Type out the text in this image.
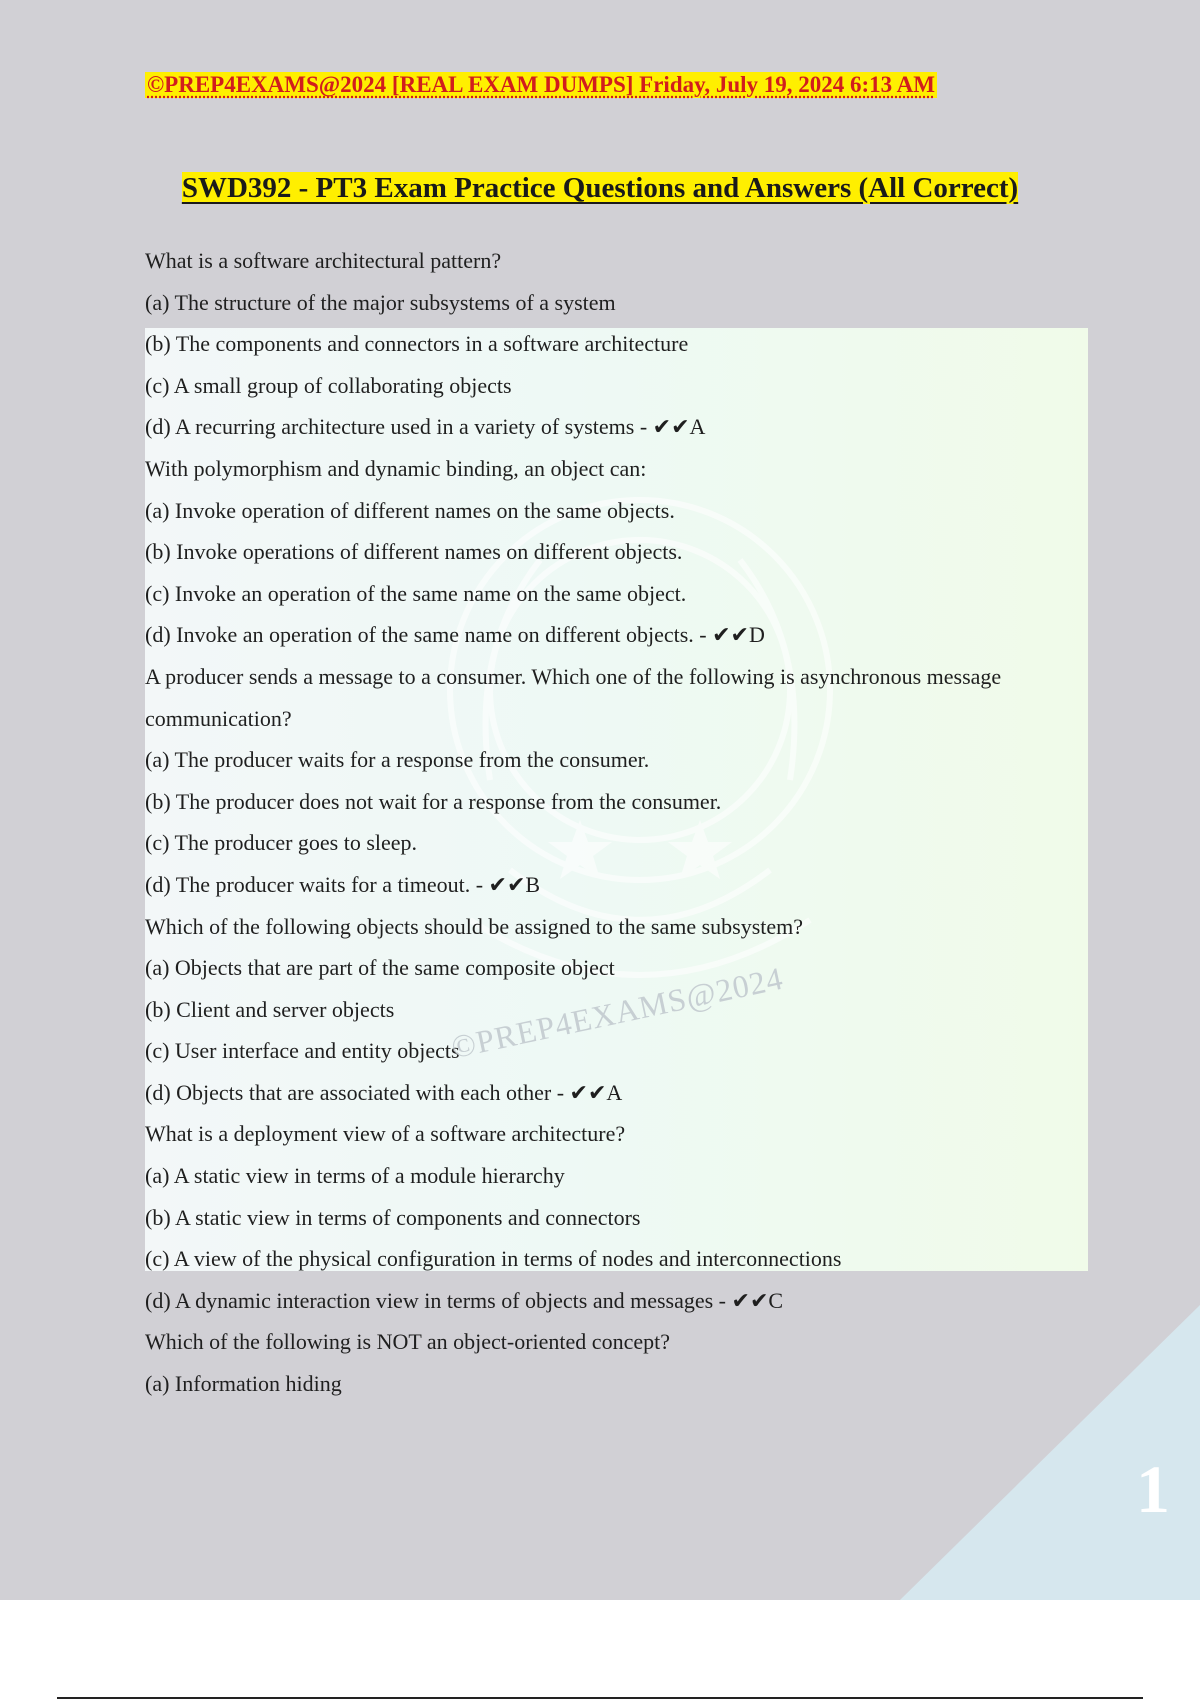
1

©PREP4EXAMS@2024 [REAL EXAM DUMPS] Friday, July 19, 2024 6:13 AM

SWD392 - PT3 Exam Practice Questions and Answers (All Correct)
What is a software architectural pattern?
(a) The structure of the major subsystems of a system
(b) The components and connectors in a software architecture
(c) A small group of collaborating objects
(d) A recurring architecture used in a variety of systems - ✔✔A
With polymorphism and dynamic binding, an object can:
(a) Invoke operation of different names on the same objects.
(b) Invoke operations of different names on different objects.
(c) Invoke an operation of the same name on the same object.
(d) Invoke an operation of the same name on different objects. - ✔✔D
A producer sends a message to a consumer. Which one of the following is asynchronous message
communication?
(a) The producer waits for a response from the consumer.
(b) The producer does not wait for a response from the consumer.
(c) The producer goes to sleep.
(d) The producer waits for a timeout. - ✔✔B
Which of the following objects should be assigned to the same subsystem?
(a) Objects that are part of the same composite object
(b) Client and server objects
(c) User interface and entity objects
(d) Objects that are associated with each other - ✔✔A
What is a deployment view of a software architecture?
(a) A static view in terms of a module hierarchy
(b) A static view in terms of components and connectors
(c) A view of the physical configuration in terms of nodes and interconnections
(d) A dynamic interaction view in terms of objects and messages - ✔✔C
Which of the following is NOT an object-oriented concept?
(a) Information hiding
©PREP4EXAMS@2024
